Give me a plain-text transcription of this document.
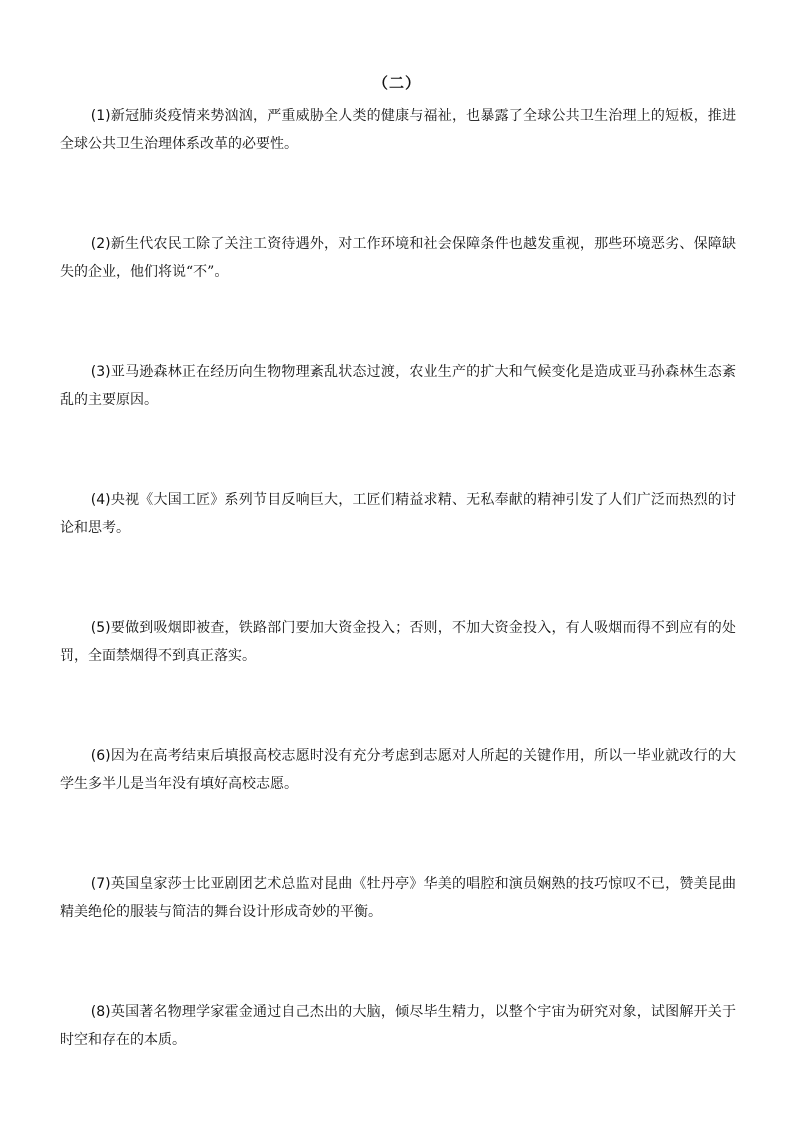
（二）

(1)新冠肺炎疫情来势汹汹，严重威胁全人类的健康与福祉，也暴露了全球公共卫生治理上的短板，推进全球公共卫生治理体系改革的必要性。

(2)新生代农民工除了关注工资待遇外，对工作环境和社会保障条件也越发重视，那些环境恶劣、保障缺失的企业，他们将说“不”。

(3)亚马逊森林正在经历向生物物理紊乱状态过渡，农业生产的扩大和气候变化是造成亚马孙森林生态紊乱的主要原因。

(4)央视《大国工匠》系列节目反响巨大，工匠们精益求精、无私奉献的精神引发了人们广泛而热烈的讨论和思考。

(5)要做到吸烟即被查，铁路部门要加大资金投入；否则，不加大资金投入，有人吸烟而得不到应有的处罚，全面禁烟得不到真正落实。

(6)因为在高考结束后填报高校志愿时没有充分考虑到志愿对人所起的关键作用，所以一毕业就改行的大学生多半儿是当年没有填好高校志愿。

(7)英国皇家莎士比亚剧团艺术总监对昆曲《牡丹亭》华美的唱腔和演员娴熟的技巧惊叹不已，赞美昆曲精美绝伦的服装与简洁的舞台设计形成奇妙的平衡。

(8)英国著名物理学家霍金通过自己杰出的大脑，倾尽毕生精力，以整个宇宙为研究对象，试图解开关于时空和存在的本质。
